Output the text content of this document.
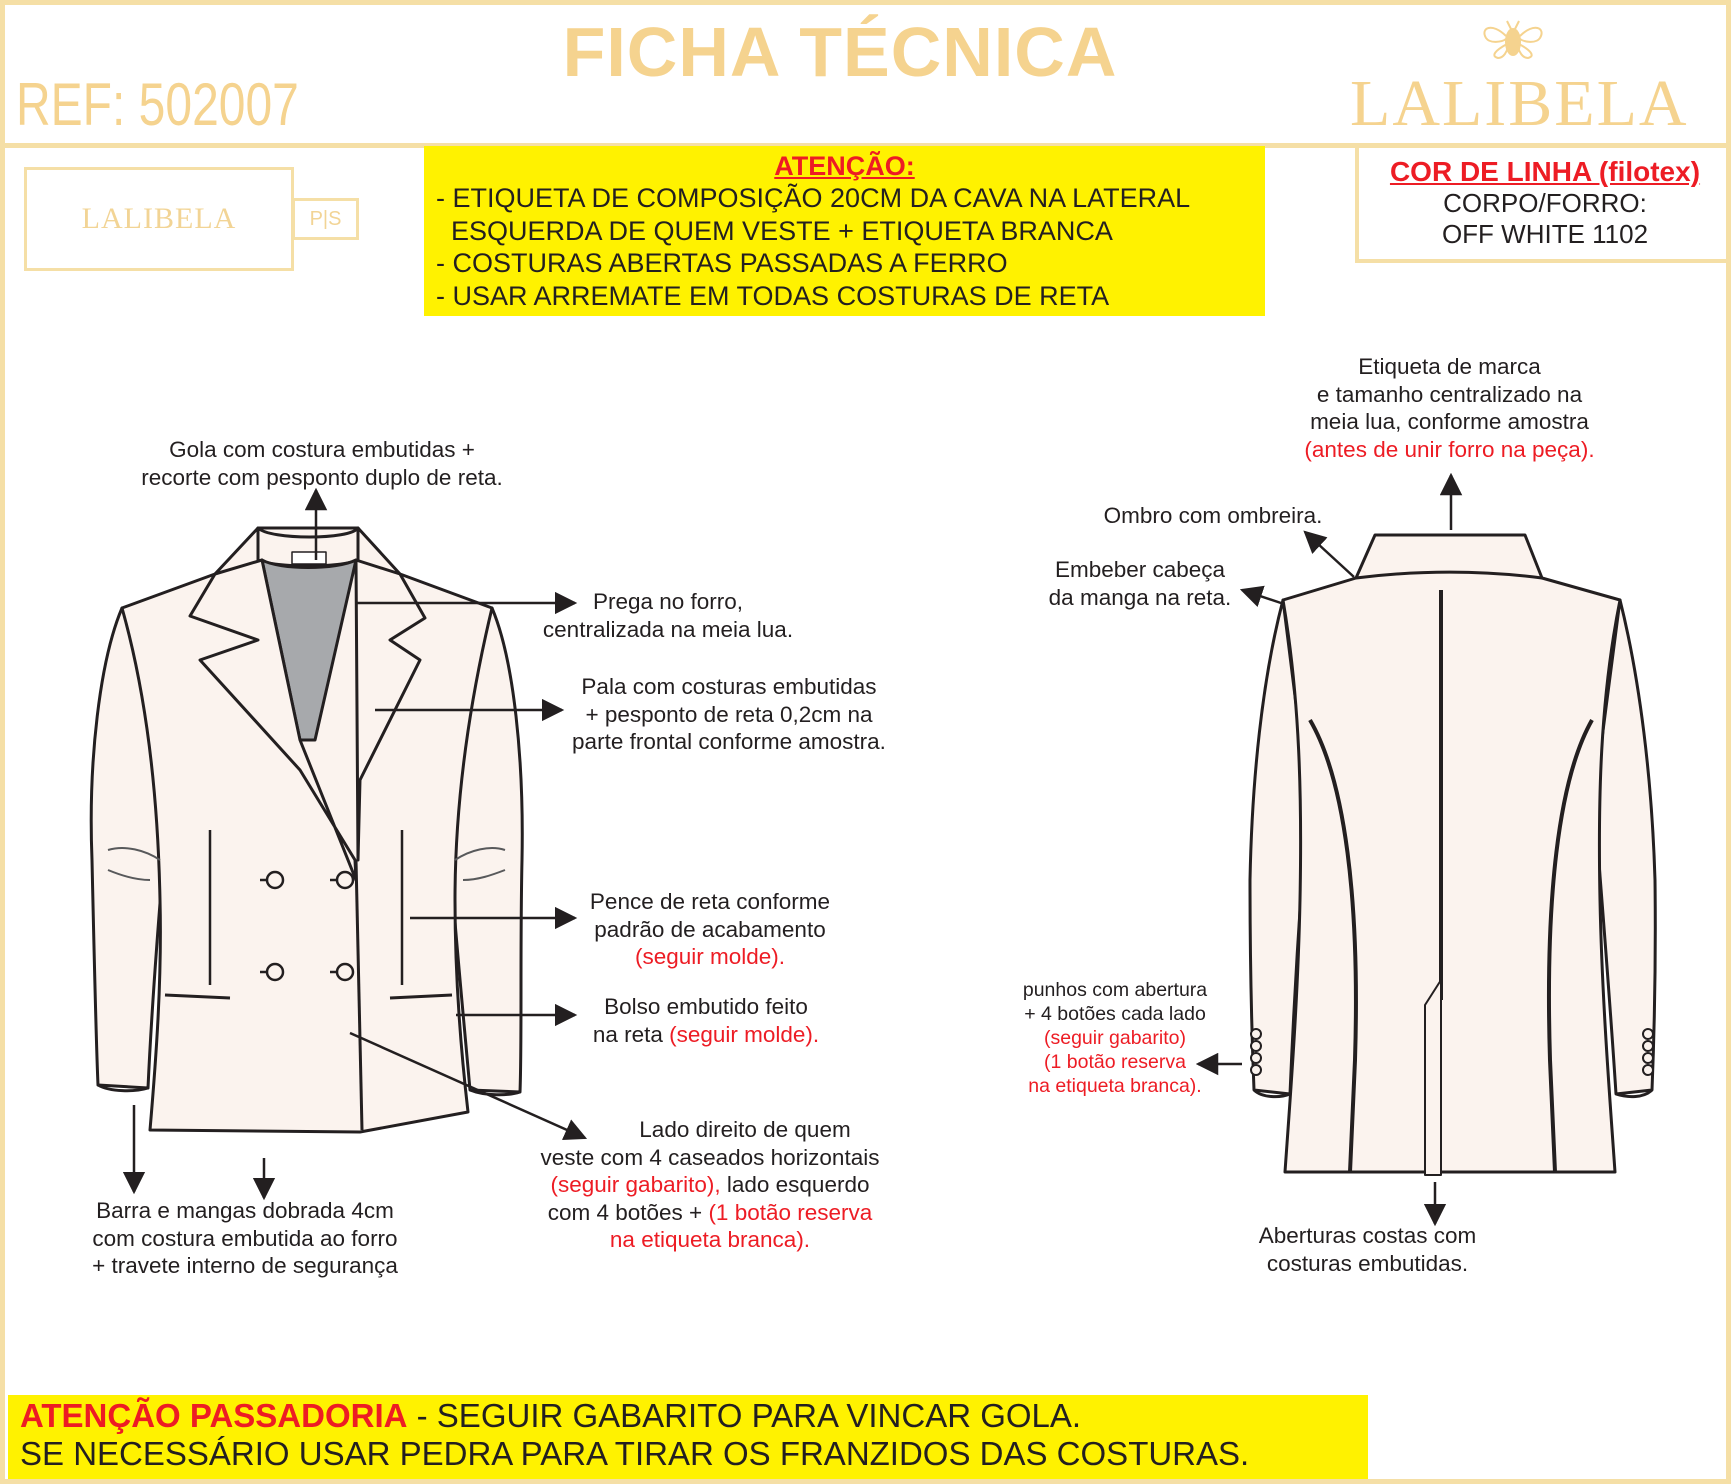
FICHA TÉCNICA
REF: 502007	LALIBELA
LALIBELA	P|S
ATENÇÃO:
- ETIQUETA DE COMPOSIÇÃO 20CM DA CAVA NA LATERAL
ESQUERDA DE QUEM VESTE + ETIQUETA BRANCA
- COSTURAS ABERTAS PASSADAS A FERRO
- USAR ARREMATE EM TODAS COSTURAS DE RETA
COR DE LINHA (filotex)
CORPO/FORRO:
OFF WHITE 1102
Gola com costura embutidas +
recorte com pesponto duplo de reta.
Prega no forro,
centralizada na meia lua.
Pala com costuras embutidas
+ pesponto de reta 0,2cm na
parte frontal conforme amostra.
Pence de reta conforme
padrão de acabamento
(seguir molde).
Bolso embutido feito
na reta (seguir molde).
Lado direito de quem
veste com 4 caseados horizontais
(seguir gabarito), lado esquerdo
com 4 botões + (1 botão reserva
na etiqueta branca).
Barra e mangas dobrada 4cm
com costura embutida ao forro
+ travete interno de segurança
Etiqueta de marca
e tamanho centralizado na
meia lua, conforme amostra
(antes de unir forro na peça).
Ombro com ombreira.
Embeber cabeça
da manga na reta.
punhos com abertura
+ 4 botões cada lado
(seguir gabarito)
(1 botão reserva
na etiqueta branca).
Aberturas costas com
costuras embutidas.
ATENÇÃO PASSADORIA - SEGUIR GABARITO PARA VINCAR GOLA.
SE NECESSÁRIO USAR PEDRA PARA TIRAR OS FRANZIDOS DAS COSTURAS.
